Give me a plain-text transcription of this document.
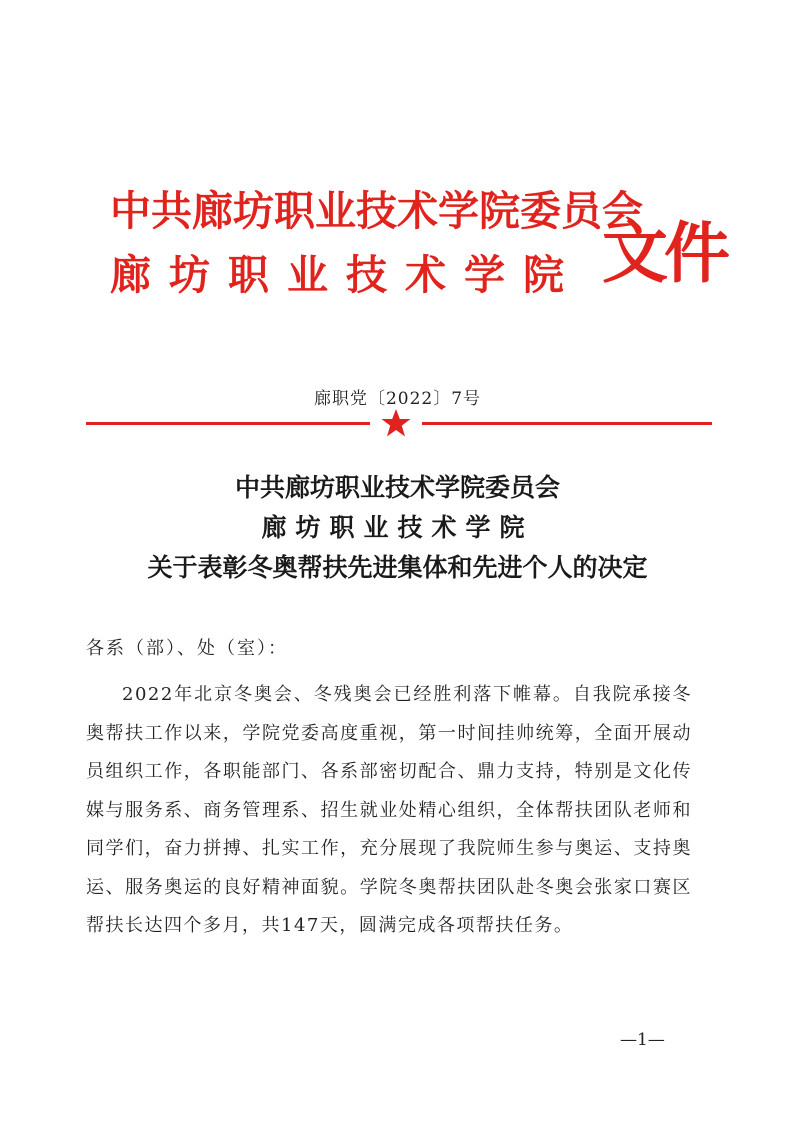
中共廊坊职业技术学院委员会
廊坊职业技术学院 文件
廊职党〔2022〕7号
中共廊坊职业技术学院委员会
廊坊职业技术学院
关于表彰冬奥帮扶先进集体和先进个人的决定
各系（部）、处（室）：

2022年北京冬奥会、冬残奥会已经胜利落下帷幕。自我院承接冬奥帮扶工作以来，学院党委高度重视，第一时间挂帅统筹，全面开展动员组织工作，各职能部门、各系部密切配合、鼎力支持，特别是文化传媒与服务系、商务管理系、招生就业处精心组织，全体帮扶团队老师和同学们，奋力拼搏、扎实工作，充分展现了我院师生参与奥运、支持奥运、服务奥运的良好精神面貌。学院冬奥帮扶团队赴冬奥会张家口赛区帮扶长达四个多月，共147天，圆满完成各项帮扶任务。

—1—
